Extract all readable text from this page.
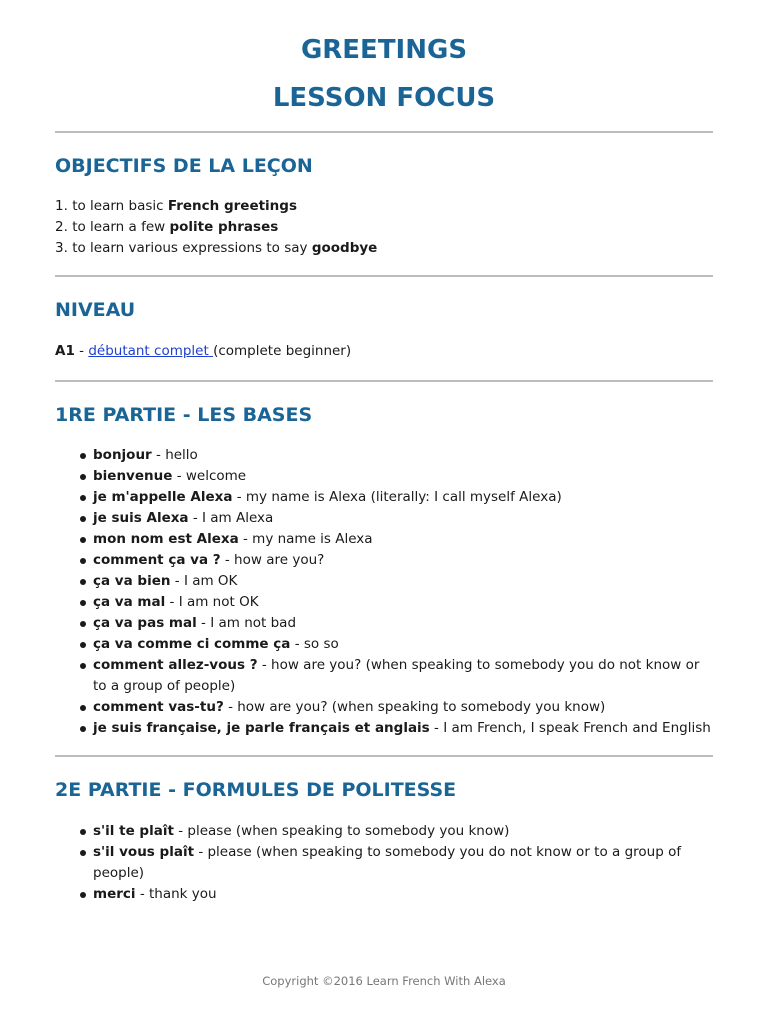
GREETINGS
LESSON FOCUS
OBJECTIFS DE LA LEÇON
1. to learn basic French greetings
2. to learn a few polite phrases
3. to learn various expressions to say goodbye
NIVEAU
A1 - débutant complet (complete beginner)
1RE PARTIE - LES BASES
bonjour - hello
bienvenue - welcome
je m'appelle Alexa - my name is Alexa (literally: I call myself Alexa)
je suis Alexa - I am Alexa
mon nom est Alexa - my name is Alexa
comment ça va ? - how are you?
ça va bien - I am OK
ça va mal - I am not OK
ça va pas mal - I am not bad
ça va comme ci comme ça - so so
comment allez-vous ? - how are you? (when speaking to somebody you do not know or to a group of people)
comment vas-tu? - how are you? (when speaking to somebody you know)
je suis française, je parle français et anglais - I am French, I speak French and English
2E PARTIE - FORMULES DE POLITESSE
s'il te plaît - please (when speaking to somebody you know)
s'il vous plaît - please (when speaking to somebody you do not know or to a group of people)
merci - thank you
Copyright ©2016 Learn French With Alexa
